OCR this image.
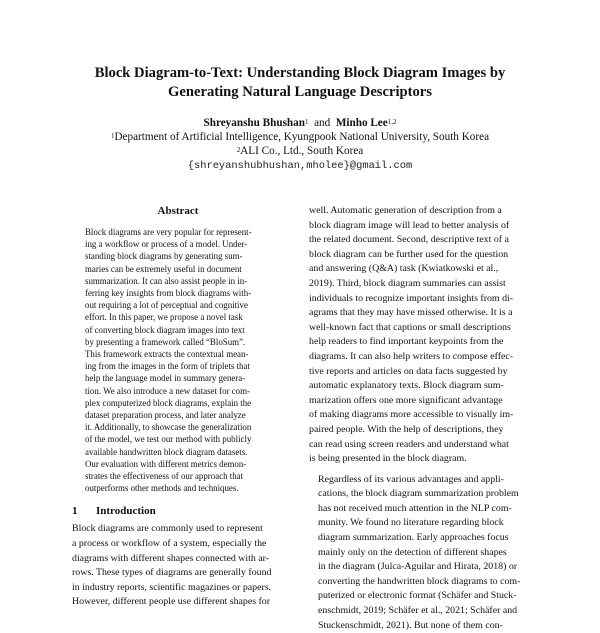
Block Diagram-to-Text: Understanding Block Diagram Images by
Generating Natural Language Descriptors
Shreyanshu Bhushan$^1$ and Minho Lee$^{1,2}$
$^1$Department of Artificial Intelligence, Kyungpook National University, South Korea
$^2$ALI Co., Ltd., South Korea
{shreyanshubhushan,mholee}@gmail.com
Abstract
Block diagrams are very popular for represent-
ing a workflow or process of a model. Under-
standing block diagrams by generating sum-
maries can be extremely useful in document
summarization. It can also assist people in in-
ferring key insights from block diagrams with-
out requiring a lot of perceptual and cognitive
effort. In this paper, we propose a novel task
of converting block diagram images into text
by presenting a framework called “BloSum”.
This framework extracts the contextual mean-
ing from the images in the form of triplets that
help the language model in summary genera-
tion. We also introduce a new dataset for com-
plex computerized block diagrams, explain the
dataset preparation process, and later analyze
it. Additionally, to showcase the generalization
of the model, we test our method with publicly
available handwritten block diagram datasets.
Our evaluation with different metrics demon-
strates the effectiveness of our approach that
outperforms other methods and techniques.
1 Introduction
Block diagrams are commonly used to represent
a process or workflow of a system, especially the
diagrams with different shapes connected with ar-
rows. These types of diagrams are generally found
in industry reports, scientific magazines or papers.
However, different people use different shapes for
well. Automatic generation of description from a
block diagram image will lead to better analysis of
the related document. Second, descriptive text of a
block diagram can be further used for the question
and answering (Q&A) task (Kwiatkowski et al.,
2019). Third, block diagram summaries can assist
individuals to recognize important insights from di-
agrams that they may have missed otherwise. It is a
well-known fact that captions or small descriptions
help readers to find important keypoints from the
diagrams. It can also help writers to compose effec-
tive reports and articles on data facts suggested by
automatic explanatory texts. Block diagram sum-
marization offers one more significant advantage
of making diagrams more accessible to visually im-
paired people. With the help of descriptions, they
can read using screen readers and understand what
is being presented in the block diagram.
Regardless of its various advantages and appli-
cations, the block diagram summarization problem
has not received much attention in the NLP com-
munity. We found no literature regarding block
diagram summarization. Early approaches focus
mainly only on the detection of different shapes
in the diagram (Julca-Aguilar and Hirata, 2018) or
converting the handwritten block diagrams to com-
puterized or electronic format (Schäfer and Stuck-
enschmidt, 2019; Schäfer et al., 2021; Schäfer and
Stuckenschmidt, 2021). But none of them con-
